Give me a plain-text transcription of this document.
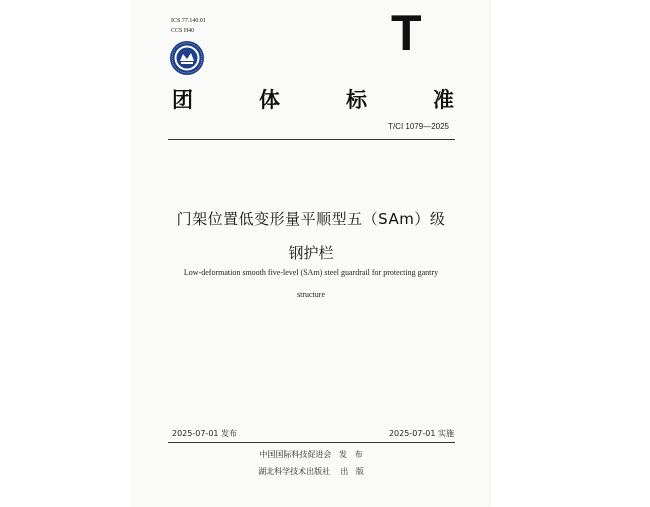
ICS 77.140.01
CCS H40	T
团	体	标	准
T/CI 1079—2025
门架位置低变形量平顺型五（SAm）级
钢护栏
Low-deformation smooth five-level (SAm) steel guardrail for protecting gantry
structure
2025-07-01 发布	2025-07-01 实施
中国国际科技促进会   发   布
湖北科学技术出版社    出   版
